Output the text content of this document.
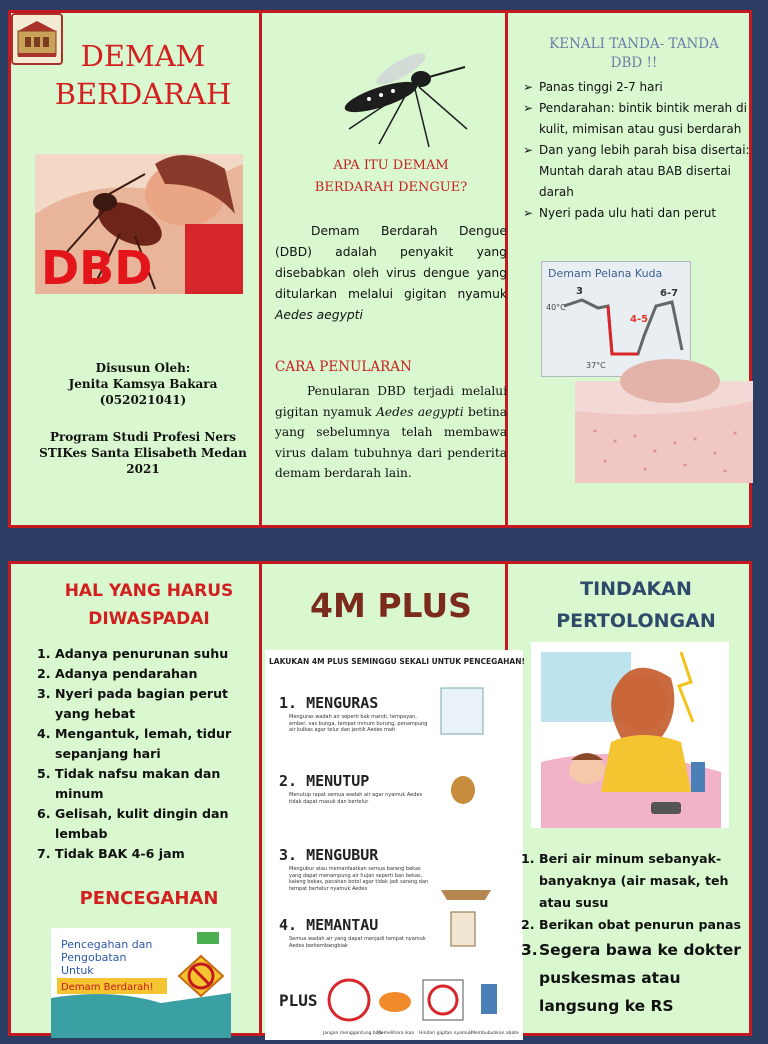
DEMAM
BERDARAH
DBD
Disusun Oleh:
Jenita Kamsya Bakara
(052021041)
Program Studi Profesi Ners
STIKes Santa Elisabeth Medan
2021
APA ITU DEMAM
BERDARAH DENGUE?
Demam Berdarah Dengue (DBD) adalah penyakit yang disebabkan oleh virus dengue yang ditularkan melalui gigitan nyamuk Aedes aegypti
CARA PENULARAN
Penularan DBD terjadi melalui gigitan nyamuk Aedes aegypti betina yang sebelumnya telah membawa virus dalam tubuhnya dari penderita demam berdarah lain.
KENALI TANDA- TANDA
DBD !!
➢ Panas tinggi 2-7 hari
➢ Pendarahan: bintik bintik merah di kulit, mimisan atau gusi berdarah
➢ Dan yang lebih parah bisa disertai: Muntah darah atau BAB disertai darah
➢ Nyeri pada ulu hati dan perut
Demam Pelana Kuda
40°C
37°C
3
4-5
6-7
HAL YANG HARUS
DIWASPADAI
1. Adanya penurunan suhu
2. Adanya pendarahan
3. Nyeri pada bagian perut yang hebat
4. Mengantuk, lemah, tidur sepanjang hari
5. Tidak nafsu makan dan minum
6. Gelisah, kulit dingin dan lembab
7. Tidak BAK 4-6 jam
PENCEGAHAN
Pencegahan dan
Pengobatan
Untuk
Demam Berdarah!
4M PLUS
LAKUKAN 4M PLUS SEMINGGU SEKALI UNTUK PENCEGAHAN!
1. MENGURAS
Menguras wadah air seperti bak mandi, tempayan, ember, vas bunga, tempat minum burung, penampung air kulkas agar telur dan jentik Aedes mati
2. MENUTUP
Menutup rapat semua wadah air agar nyamuk Aedes tidak dapat masuk dan bertelur
3. MENGUBUR
Mengubur atau memanfaatkan semua barang bekas yang dapat menampung air hujan seperti ban bekas, kaleng bekas, pecahan botol agar tidak jadi sarang dan tempat bertelur nyamuk Aedes
4. MEMANTAU
Semua wadah air yang dapat menjadi tempat nyamuk Aedes berkembangbiak
PLUS
Jangan menggantung baju
Memelihara ikan Hindari gigitan nyamuk Membubuhkan abate
TINDAKAN
PERTOLONGAN
1. Beri air minum sebanyak-banyaknya (air masak, teh atau susu
2. Berikan obat penurun panas
3. Segera bawa ke dokter puskesmas atau langsung ke RS
